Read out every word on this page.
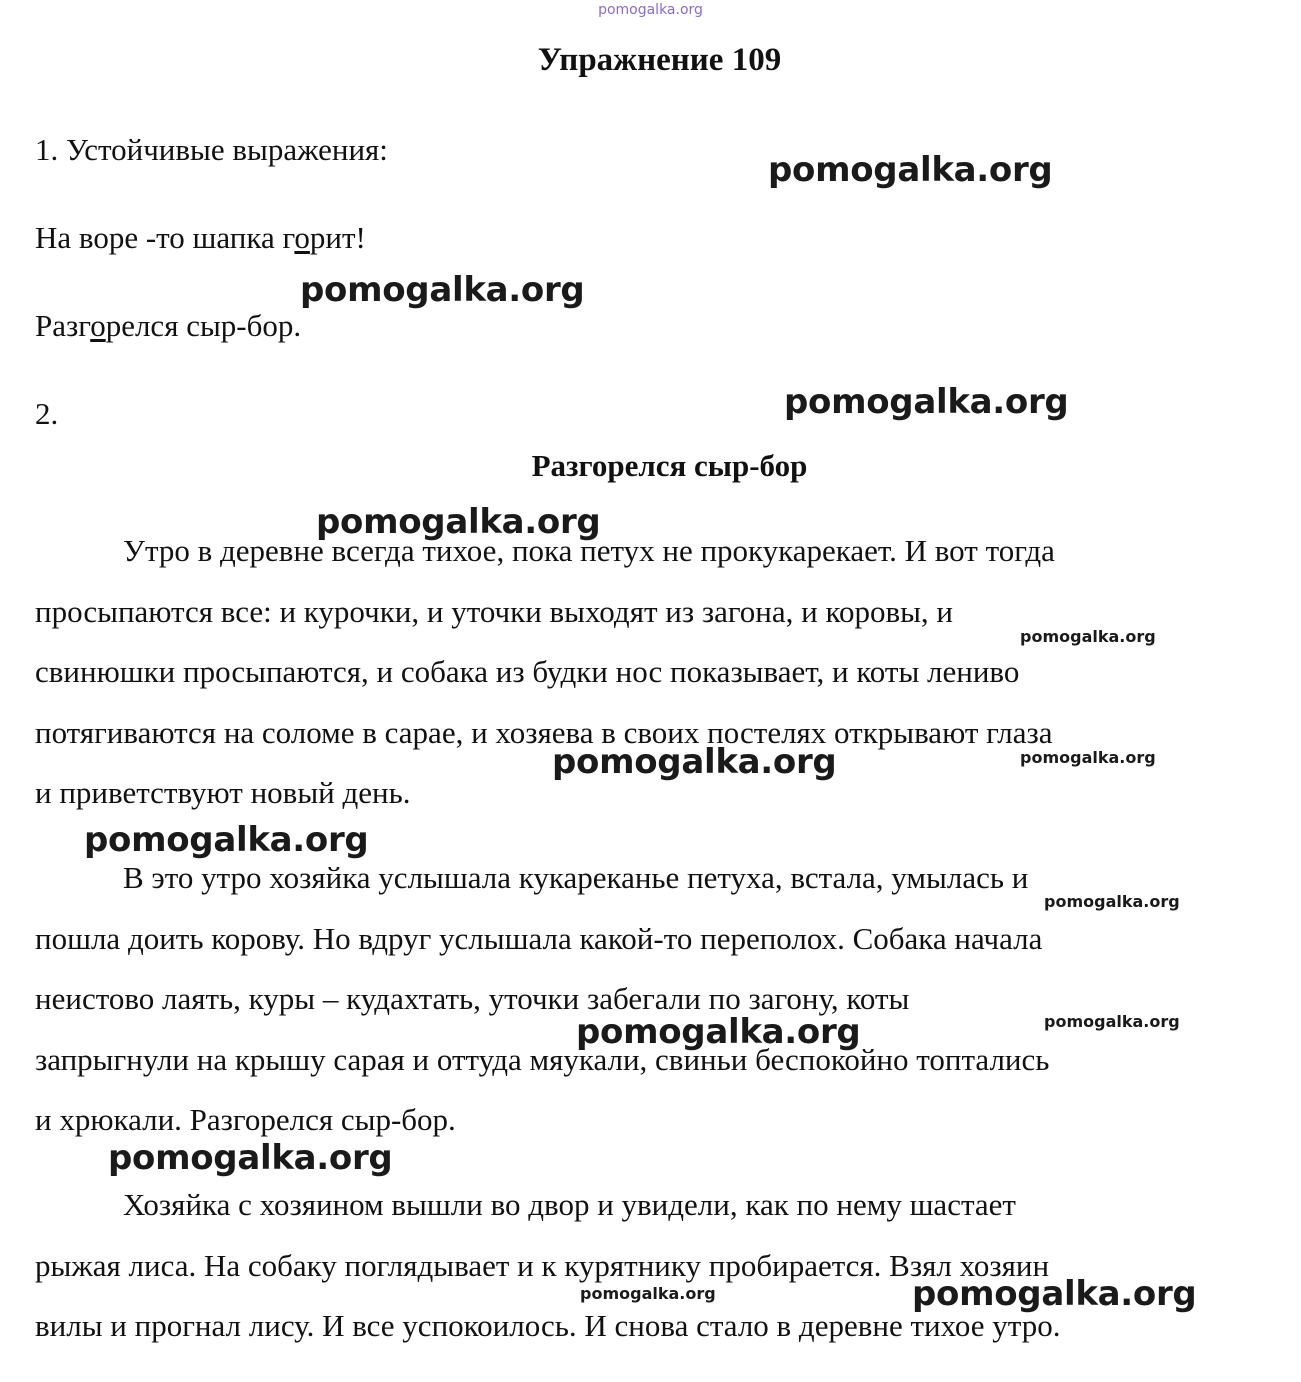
pomogalka.org
Упражнение 109
1. Устойчивые выражения:
На воре -то шапка горит!
Разгорелся сыр-бор.
2.
Разгорелся сыр-бор
Утро в деревне всегда тихое, пока петух не прокукарекает. И вот тогда
просыпаются все: и курочки, и уточки выходят из загона, и коровы, и
свинюшки просыпаются, и собака из будки нос показывает, и коты лениво
потягиваются на соломе в сарае, и хозяева в своих постелях открывают глаза
и приветствуют новый день.
В это утро хозяйка услышала кукареканье петуха, встала, умылась и
пошла доить корову. Но вдруг услышала какой-то переполох. Собака начала
неистово лаять, куры – кудахтать, уточки забегали по загону, коты
запрыгнули на крышу сарая и оттуда мяукали, свиньи беспокойно топтались
и хрюкали. Разгорелся сыр-бор.
Хозяйка с хозяином вышли во двор и увидели, как по нему шастает
рыжая лиса. На собаку поглядывает и к курятнику пробирается. Взял хозяин
вилы и прогнал лису. И все успокоилось. И снова стало в деревне тихое утро.
pomogalka.org
pomogalka.org
pomogalka.org
pomogalka.org
pomogalka.org
pomogalka.org
pomogalka.org
pomogalka.org
pomogalka.org
pomogalka.org
pomogalka.org
pomogalka.org
pomogalka.org
pomogalka.org
